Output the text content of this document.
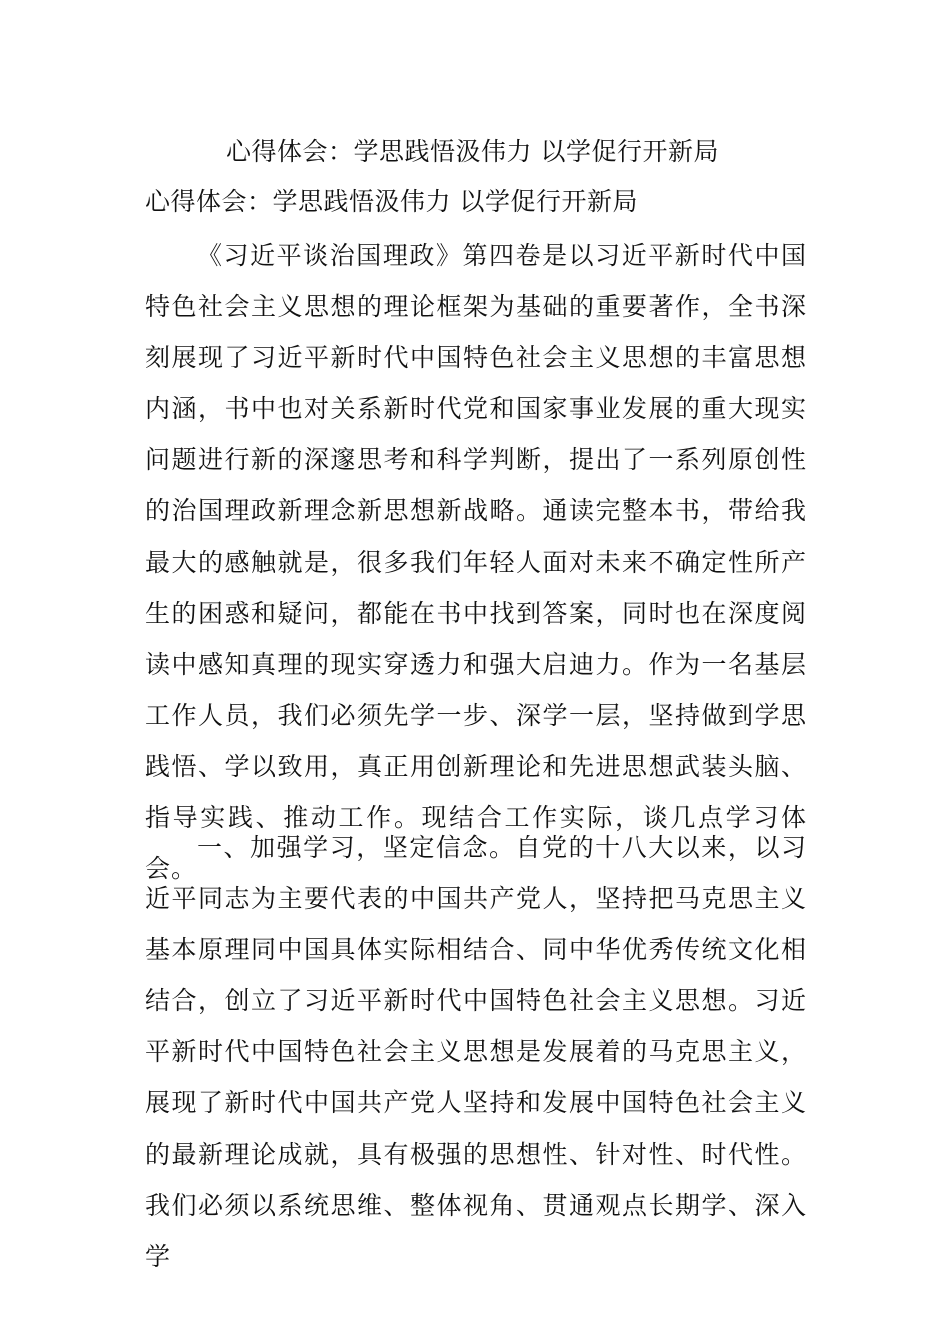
心得体会：学思践悟汲伟力 以学促行开新局
心得体会：学思践悟汲伟力 以学促行开新局

《习近平谈治国理政》第四卷是以习近平新时代中国特色社会主义思想的理论框架为基础的重要著作，全书深刻展现了习近平新时代中国特色社会主义思想的丰富思想内涵，书中也对关系新时代党和国家事业发展的重大现实问题进行新的深邃思考和科学判断，提出了一系列原创性的治国理政新理念新思想新战略。通读完整本书，带给我最大的感触就是，很多我们年轻人面对未来不确定性所产生的困惑和疑问，都能在书中找到答案，同时也在深度阅读中感知真理的现实穿透力和强大启迪力。作为一名基层工作人员，我们必须先学一步、深学一层，坚持做到学思践悟、学以致用，真正用创新理论和先进思想武装头脑、指导实践、推动工作。现结合工作实际，谈几点学习体会。

一、加强学习，坚定信念。自党的十八大以来，以习近平同志为主要代表的中国共产党人，坚持把马克思主义基本原理同中国具体实际相结合、同中华优秀传统文化相结合，创立了习近平新时代中国特色社会主义思想。习近平新时代中国特色社会主义思想是发展着的马克思主义，展现了新时代中国共产党人坚持和发展中国特色社会主义的最新理论成就，具有极强的思想性、针对性、时代性。我们必须以系统思维、整体视角、贯通观点长期学、深入学
